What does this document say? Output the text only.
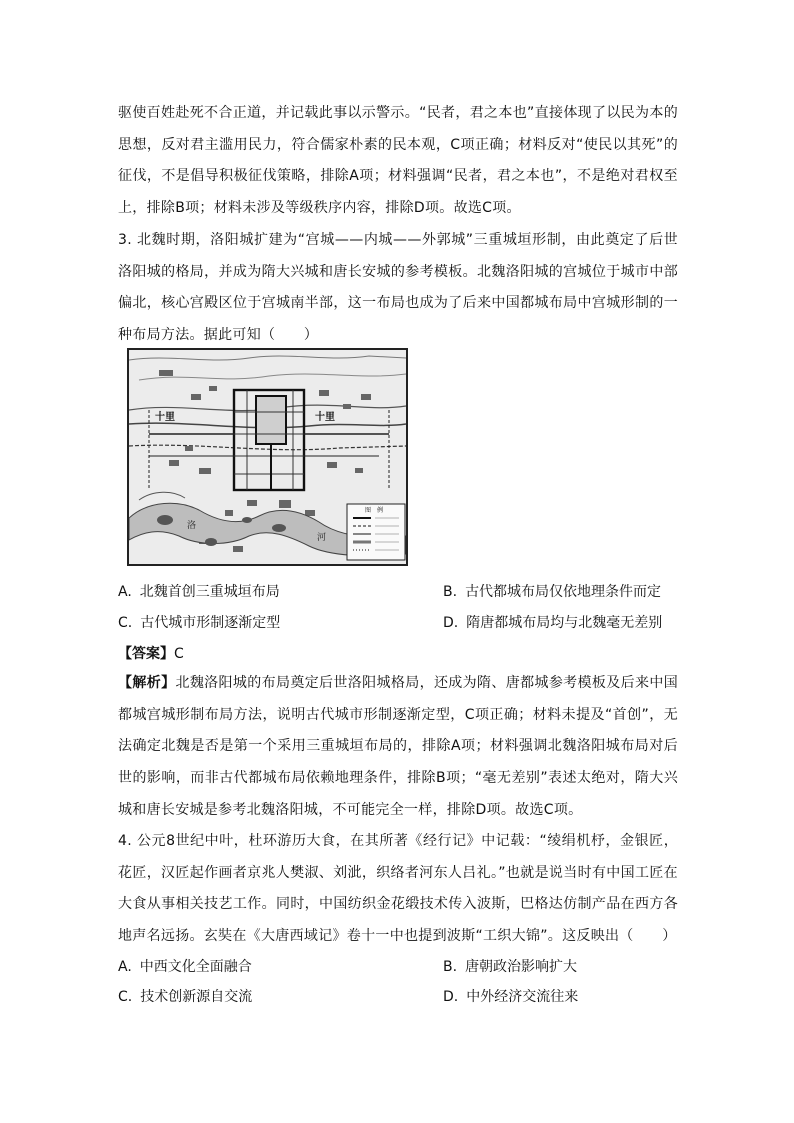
驱使百姓赴死不合正道，并记载此事以示警示。“民者，君之本也”直接体现了以民为本的思想，反对君主滥用民力，符合儒家朴素的民本观，C项正确；材料反对“使民以其死”的征伐，不是倡导积极征伐策略，排除A项；材料强调“民者，君之本也”，不是绝对君权至上，排除B项；材料未涉及等级秩序内容，排除D项。故选C项。

3. 北魏时期，洛阳城扩建为“宫城——内城——外郭城”三重城垣形制，由此奠定了后世洛阳城的格局，并成为隋大兴城和唐长安城的参考模板。北魏洛阳城的宫城位于城市中部偏北，核心宫殿区位于宫城南半部，这一布局也成为了后来中国都城布局中宫城形制的一种布局方法。据此可知（　　）

图　例
十里	十里
洛
河
A. 北魏首创三重城垣布局	B. 古代都城布局仅依地理条件而定
C. 古代城市形制逐渐定型	D. 隋唐都城布局均与北魏毫无差别
【答案】C

【解析】北魏洛阳城的布局奠定后世洛阳城格局，还成为隋、唐都城参考模板及后来中国都城宫城形制布局方法，说明古代城市形制逐渐定型，C项正确；材料未提及“首创”，无法确定北魏是否是第一个采用三重城垣布局的，排除A项；材料强调北魏洛阳城布局对后世的影响，而非古代都城布局依赖地理条件，排除B项；“毫无差别”表述太绝对，隋大兴城和唐长安城是参考北魏洛阳城，不可能完全一样，排除D项。故选C项。

4. 公元8世纪中叶，杜环游历大食，在其所著《经行记》中记载：“绫绢机杼，金银匠，花匠，汉匠起作画者京兆人樊淑、刘泚，织络者河东人吕礼。”也就是说当时有中国工匠在大食从事相关技艺工作。同时，中国纺织金花缎技术传入波斯，巴格达仿制产品在西方各地声名远扬。玄奘在《大唐西域记》卷十一中也提到波斯“工织大锦”。这反映出（　　）

A. 中西文化全面融合	B. 唐朝政治影响扩大
C. 技术创新源自交流	D. 中外经济交流往来
